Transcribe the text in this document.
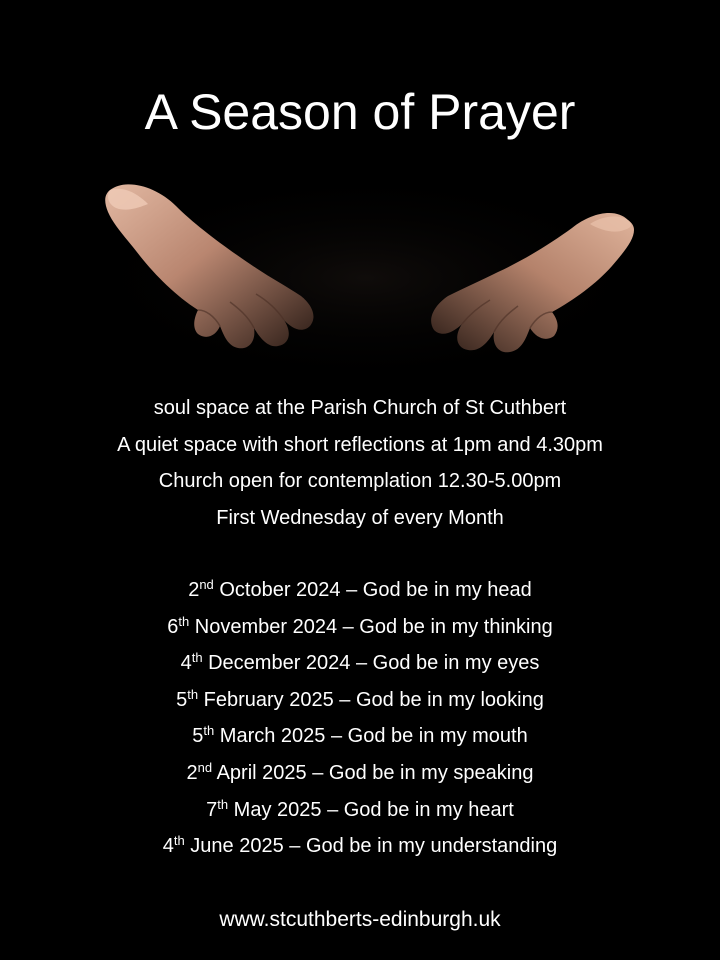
A Season of Prayer
soul space at the Parish Church of St Cuthbert
A quiet space with short reflections at 1pm and 4.30pm
Church open for contemplation 12.30-5.00pm
First Wednesday of every Month
2nd October 2024 – God be in my head
6th November 2024 – God be in my thinking
4th December 2024 – God be in my eyes
5th February 2025 – God be in my looking
5th March 2025 – God be in my mouth
2nd April 2025 – God be in my speaking
7th May 2025 – God be in my heart
4th June 2025 – God be in my understanding
www.stcuthberts-edinburgh.uk
